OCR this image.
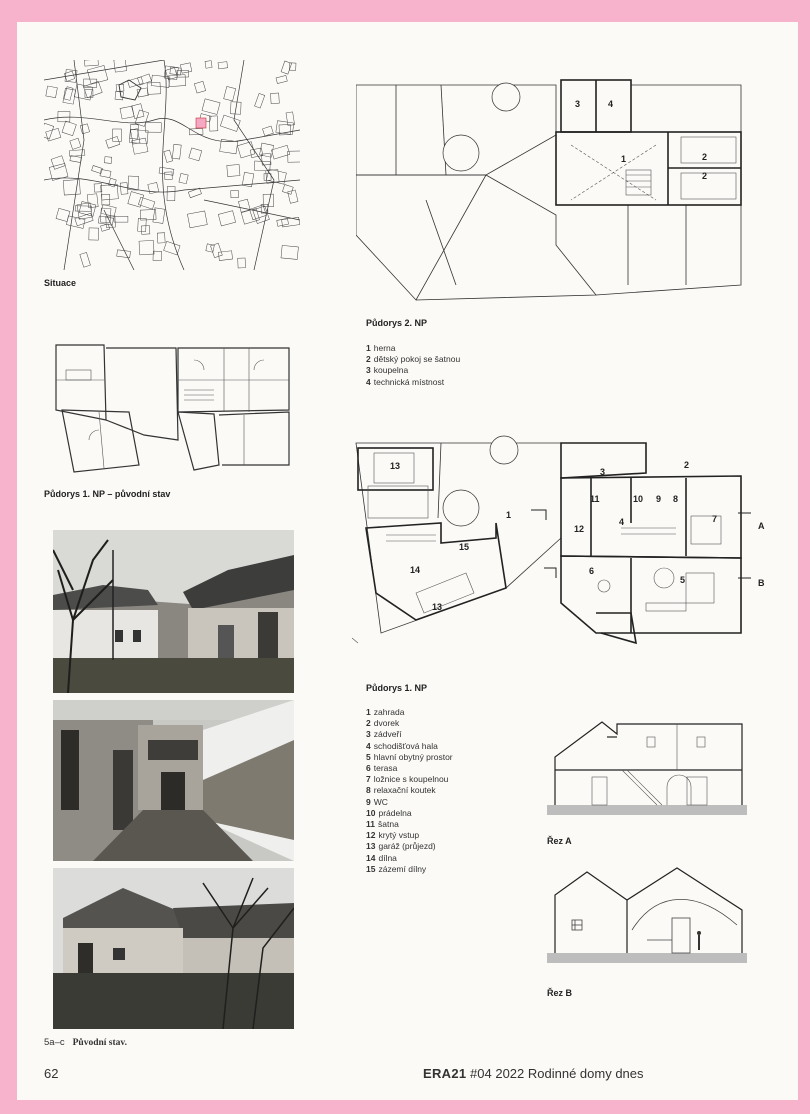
Situace
Půdorys 1. NP – původní stav
5a–c Původní stav.
1	2
2
3	4
Půdorys 2. NP
1 herna
2 dětský pokoj se šatnou
3 koupelna
4 technická místnost
1
2
3
4
5
6
7
8
9
10
11
12
13
13
14
15
A
B
Půdorys 1. NP
1 zahrada
2 dvorek
3 zádveří
4 schodišťová hala
5 hlavní obytný prostor
6 terasa
7 ložnice s koupelnou
8 relaxační koutek
9 WC
10 prádelna
11 šatna
12 krytý vstup
13 garáž (průjezd)
14 dílna
15 zázemí dílny
Řez A
Řez B
62	ERA21 #04 2022 Rodinné domy dnes
